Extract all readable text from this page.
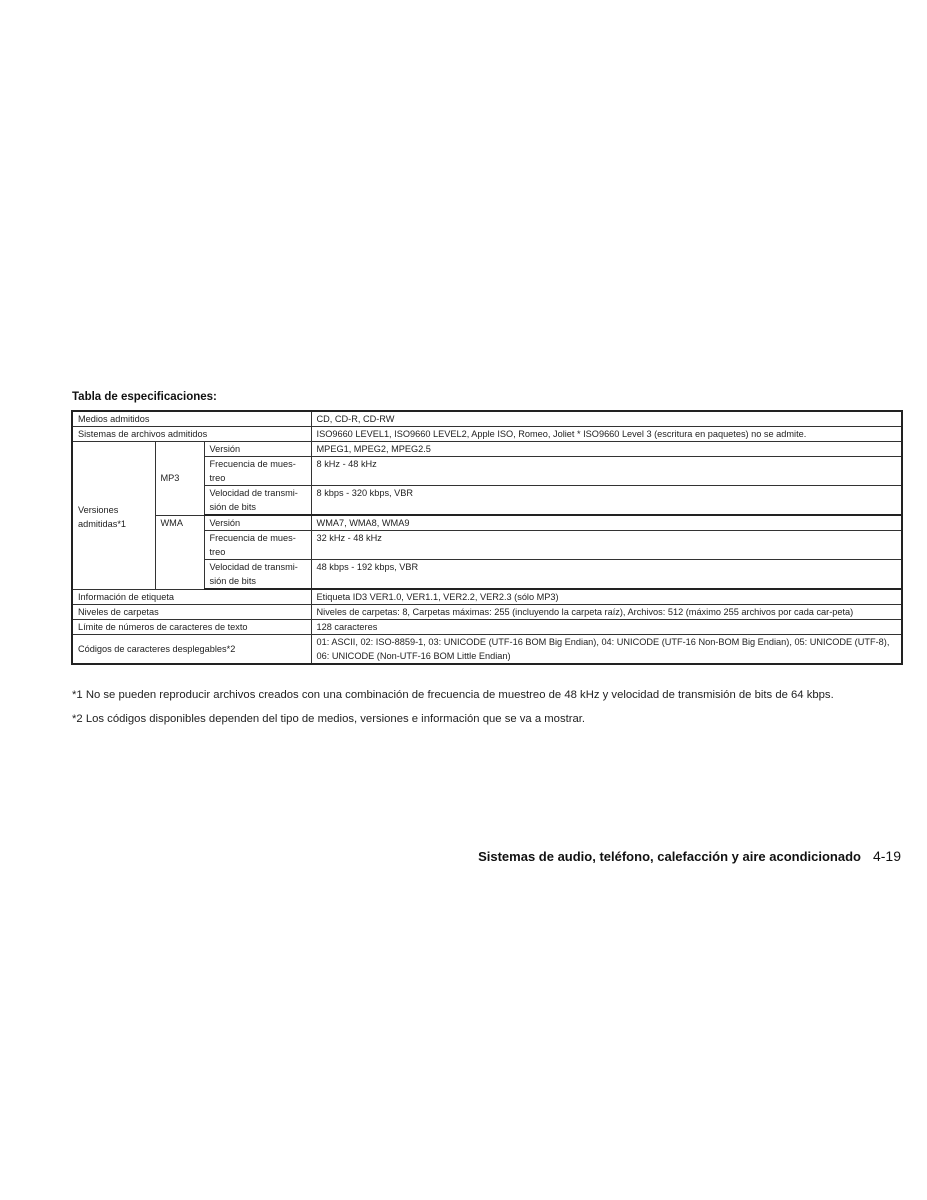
Tabla de especificaciones:

Medios admitidos			CD, CD-R, CD-RW
Sistemas de archivos admitidos			ISO9660 LEVEL1, ISO9660 LEVEL2, Apple ISO, Romeo, Joliet * ISO9660 Level 3 (escritura en paquetes) no se admite.
Versiones admitidas*1	MP3	Versión	MPEG1, MPEG2, MPEG2.5
		Frecuencia de mues-treo	8 kHz - 48 kHz
		Velocidad de transmi-sión de bits	8 kbps - 320 kbps, VBR
	WMA	Versión	WMA7, WMA8, WMA9
		Frecuencia de mues-treo	32 kHz - 48 kHz
		Velocidad de transmi-sión de bits	48 kbps - 192 kbps, VBR
Información de etiqueta			Etiqueta ID3 VER1.0, VER1.1, VER2.2, VER2.3 (sólo MP3)
Niveles de carpetas			Niveles de carpetas: 8, Carpetas máximas: 255 (incluyendo la carpeta raíz), Archivos: 512 (máximo 255 archivos por cada car-peta)
Límite de números de caracteres de texto			128 caracteres
Códigos de caracteres desplegables*2			01: ASCII, 02: ISO-8859-1, 03: UNICODE (UTF-16 BOM Big Endian), 04: UNICODE (UTF-16 Non-BOM Big Endian), 05: UNICODE (UTF-8), 06: UNICODE (Non-UTF-16 BOM Little Endian)

*1 No se pueden reproducir archivos creados con una combinación de frecuencia de muestreo de 48 kHz y velocidad de transmisión de bits de 64 kbps.

*2 Los códigos disponibles dependen del tipo de medios, versiones e información que se va a mostrar.

Sistemas de audio, teléfono, calefacción y aire acondicionado 4-19
